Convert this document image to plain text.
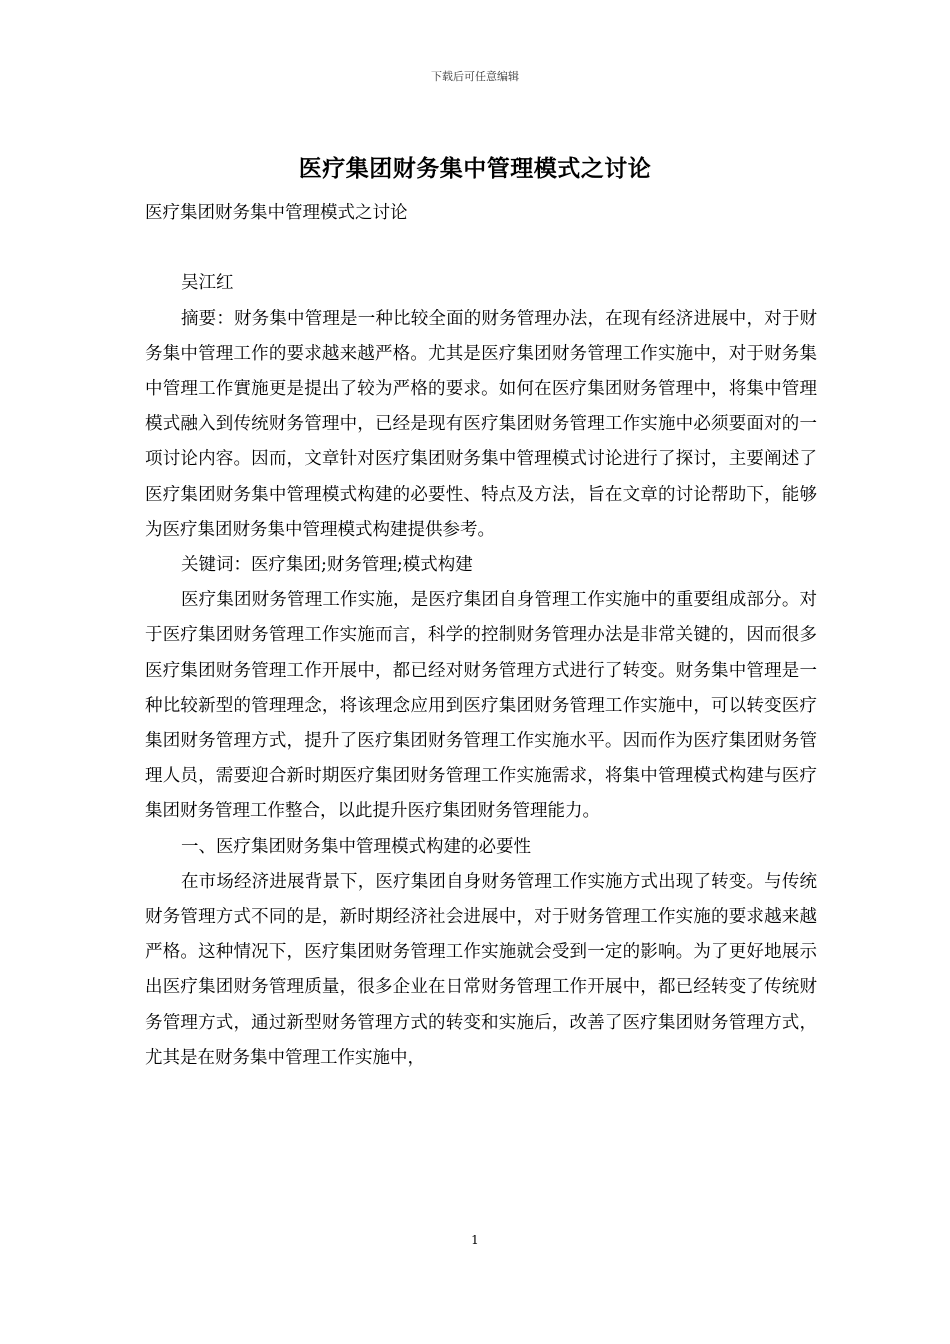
下载后可任意编辑
医疗集团财务集中管理模式之讨论

医疗集团财务集中管理模式之讨论

吴江红

摘要：财务集中管理是一种比较全面的财务管理办法，在现有经济进展中，对于财务集中管理工作的要求越来越严格。尤其是医疗集团财务管理工作实施中，对于财务集中管理工作實施更是提出了较为严格的要求。如何在医疗集团财务管理中，将集中管理模式融入到传统财务管理中，已经是现有医疗集团财务管理工作实施中必须要面对的一项讨论内容。因而，文章针对医疗集团财务集中管理模式讨论进行了探讨，主要阐述了医疗集团财务集中管理模式构建的必要性、特点及方法，旨在文章的讨论帮助下，能够为医疗集团财务集中管理模式构建提供参考。

关键词：医疗集团;财务管理;模式构建

医疗集团财务管理工作实施，是医疗集团自身管理工作实施中的重要组成部分。对于医疗集团财务管理工作实施而言，科学的控制财务管理办法是非常关键的，因而很多医疗集团财务管理工作开展中，都已经对财务管理方式进行了转变。财务集中管理是一种比较新型的管理理念，将该理念应用到医疗集团财务管理工作实施中，可以转变医疗集团财务管理方式，提升了医疗集团财务管理工作实施水平。因而作为医疗集团财务管理人员，需要迎合新时期医疗集团财务管理工作实施需求，将集中管理模式构建与医疗集团财务管理工作整合，以此提升医疗集团财务管理能力。

一、医疗集团财务集中管理模式构建的必要性

在市场经济进展背景下，医疗集团自身财务管理工作实施方式出现了转变。与传统财务管理方式不同的是，新时期经济社会进展中，对于财务管理工作实施的要求越来越严格。这种情况下，医疗集团财务管理工作实施就会受到一定的影响。为了更好地展示出医疗集团财务管理质量，很多企业在日常财务管理工作开展中，都已经转变了传统财务管理方式，通过新型财务管理方式的转变和实施后，改善了医疗集团财务管理方式，尤其是在财务集中管理工作实施中，

1
